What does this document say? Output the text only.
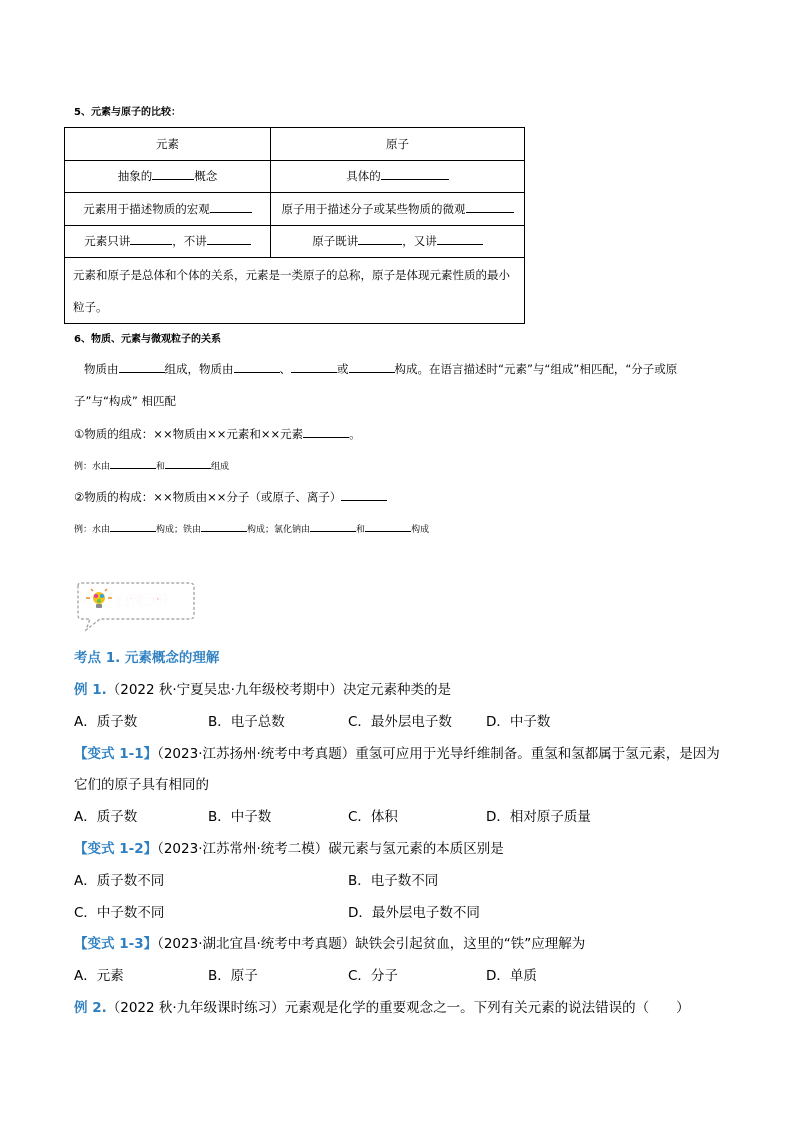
5、元素与原子的比较：
元素	原子
抽象的 概念	具体的
元素用于描述物质的宏观	原子用于描述分子或某些物质的微观
元素只讲 ，不讲	原子既讲 ，又讲
元素和原子是总体和个体的关系，元素是一类原子的总称，原子是体现元素性质的最小粒子。	
6、物质、元素与微观粒子的关系
物质由	组成，物质由	、	或	构成。在语言描述时“元素”与“组成”相匹配，“分子或原
子”与“构成” 相匹配
①物质的组成：××物质由××元素和××元素	。
例：水由	和	组成
②物质的构成：××物质由××分子（或原子、离子）
例：水由	构成；铁由	构成；氯化钠由	和	构成
典例分析
考点 1. 元素概念的理解
例 1.（2022 秋·宁夏吴忠·九年级校考期中）决定元素种类的是
A．质子数	B．电子总数	C．最外层电子数	D．中子数
【变式 1-1】（2023·江苏扬州·统考中考真题）重氢可应用于光导纤维制备。重氢和氢都属于氢元素，是因为
它们的原子具有相同的
A．质子数	B．中子数	C．体积	D．相对原子质量
【变式 1-2】（2023·江苏常州·统考二模）碳元素与氢元素的本质区别是
A．质子数不同	B．电子数不同
C．中子数不同	D．最外层电子数不同
【变式 1-3】（2023·湖北宜昌·统考中考真题）缺铁会引起贫血，这里的“铁”应理解为
A．元素	B．原子	C．分子	D．单质
例 2.（2022 秋·九年级课时练习）元素观是化学的重要观念之一。下列有关元素的说法错误的（　　）
